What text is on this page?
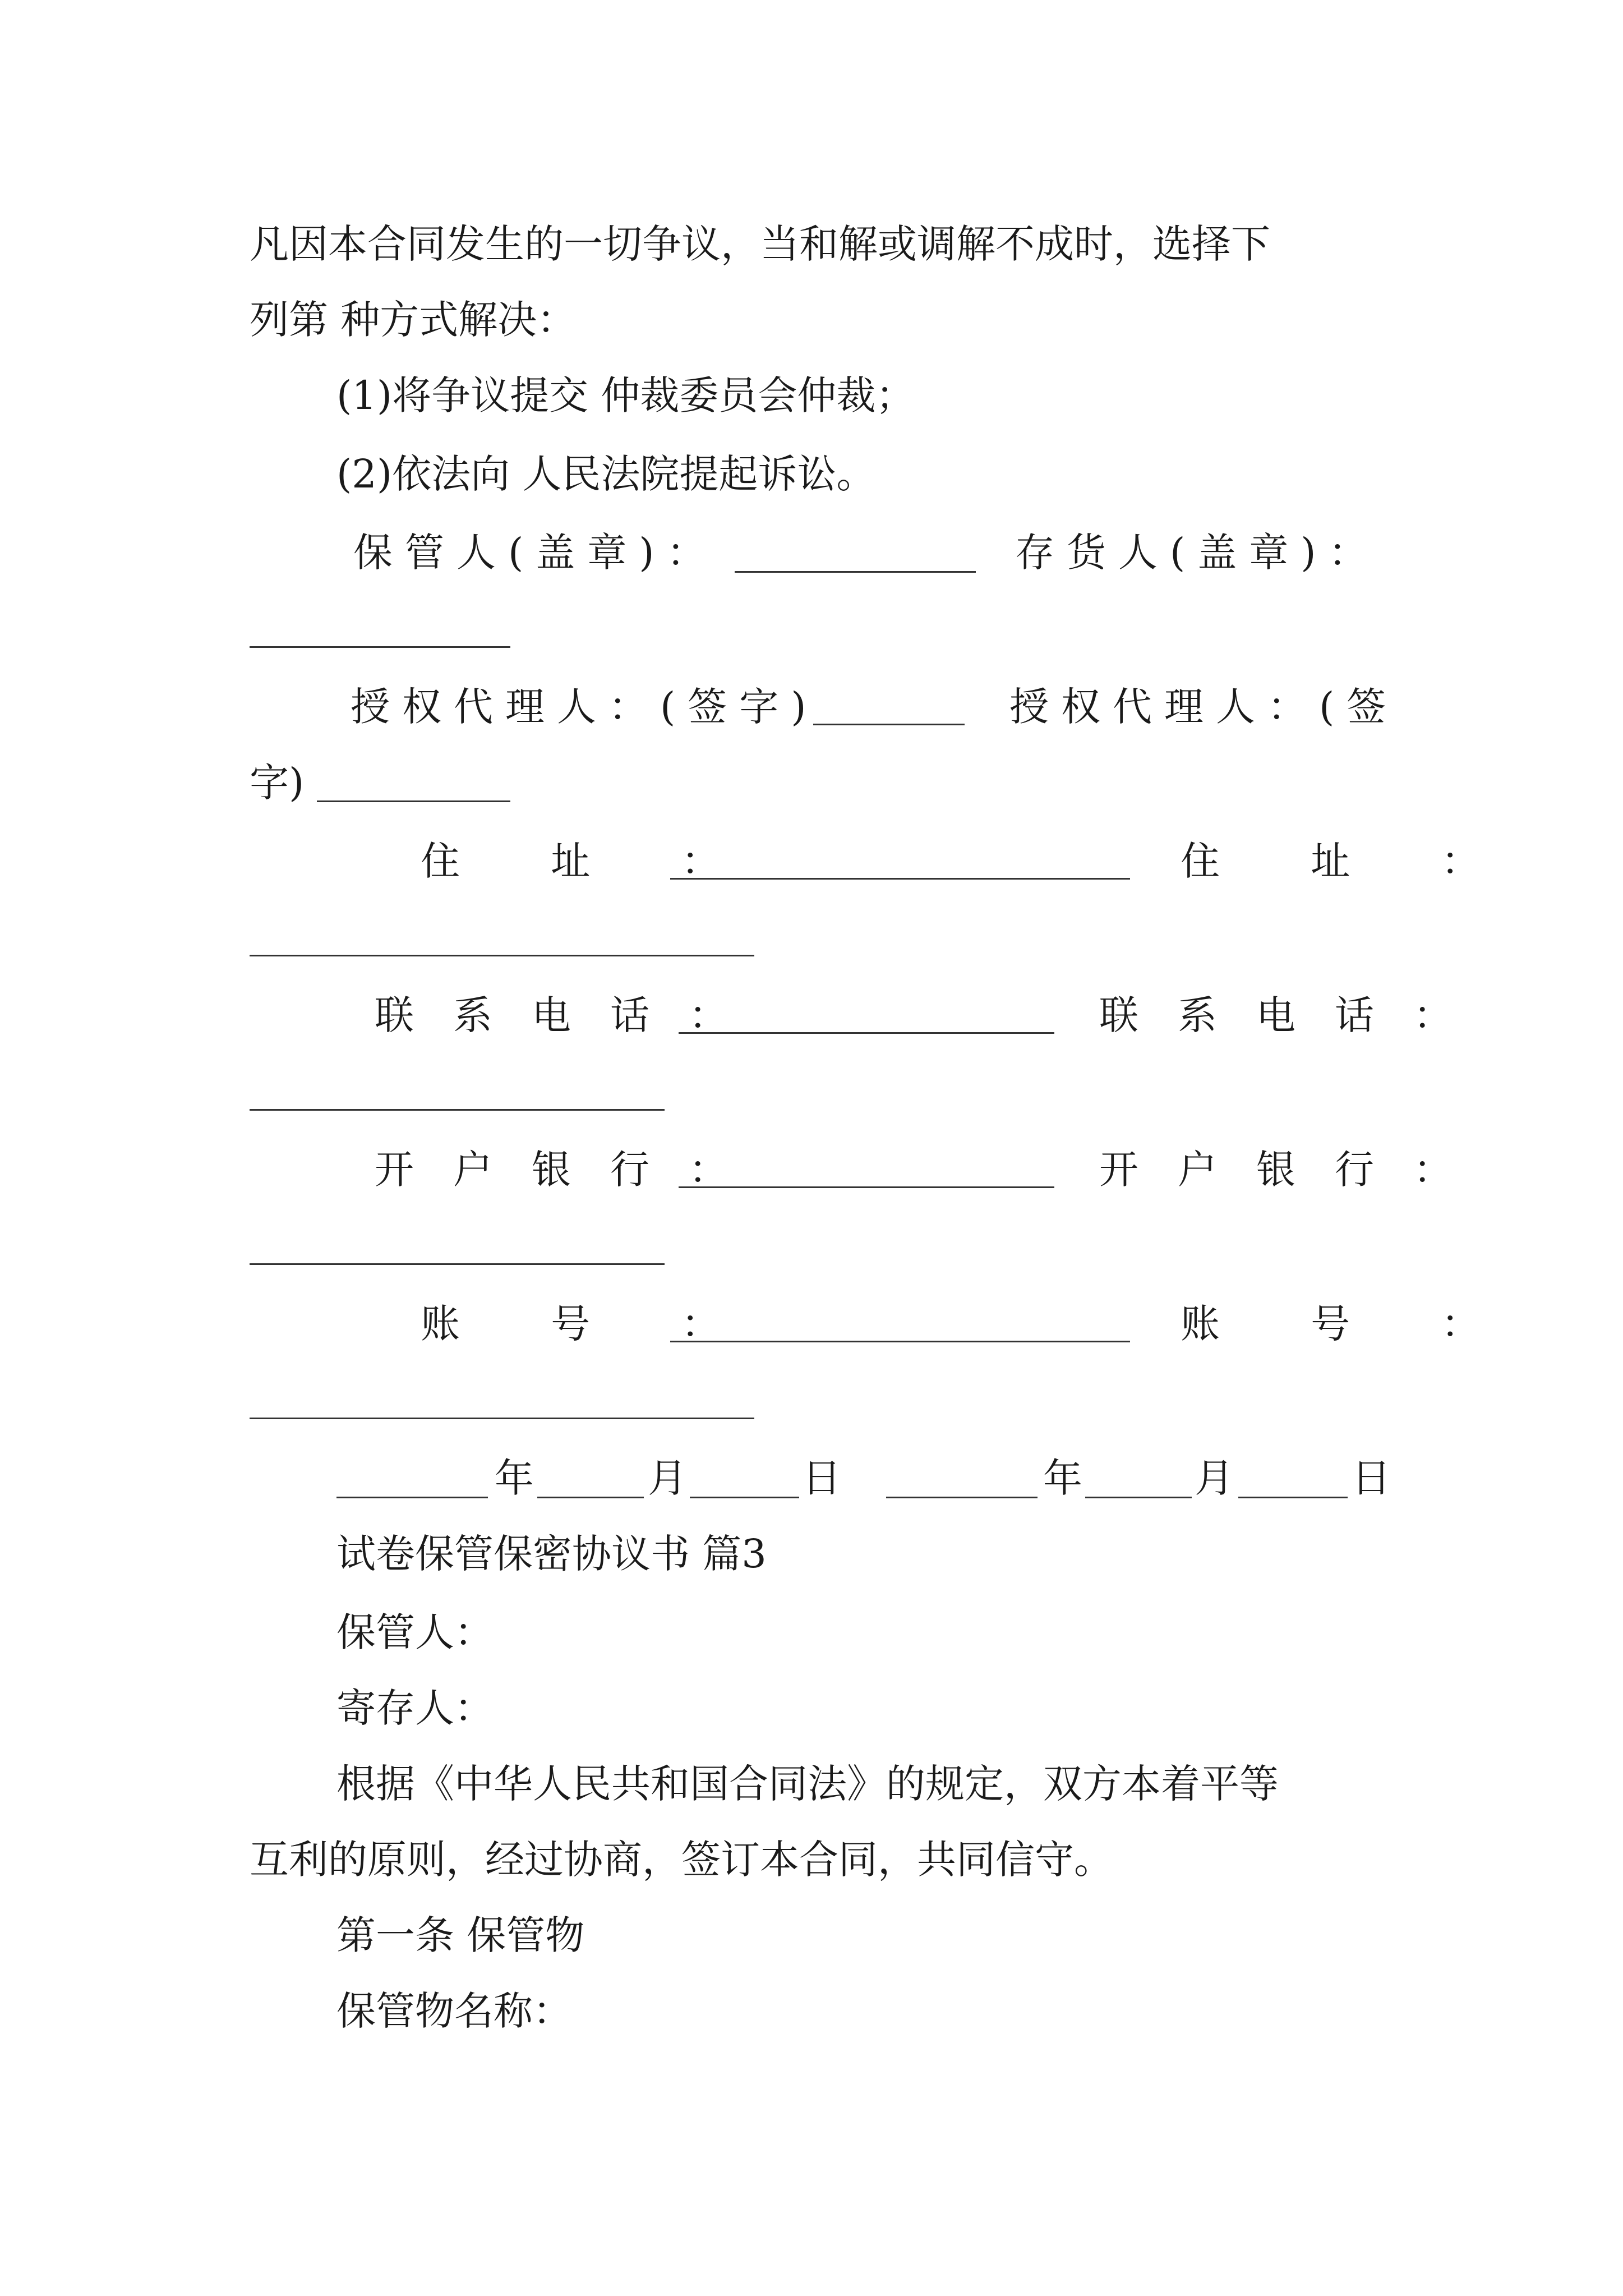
凡因本合同发生的一切争议，当和解或调解不成时，选择下
列第 种方式解决：
(1)将争议提交 仲裁委员会仲裁；
(2)依法向 人民法院提起诉讼。
保管人(盖章)：	存货人(盖章)：
授权代理人：(签字)	授权代理人：(签
字)
住 址 ：	住 址 ：
联系电话：	联系电话：
开户银行：	开户银行：
账 号 ：	账 号 ：
年	月	日	年	月	日
试卷保管保密协议书 篇3
保管人：
寄存人：
根据《中华人民共和国合同法》的规定，双方本着平等
互利的原则，经过协商，签订本合同，共同信守。
第一条 保管物
保管物名称：
